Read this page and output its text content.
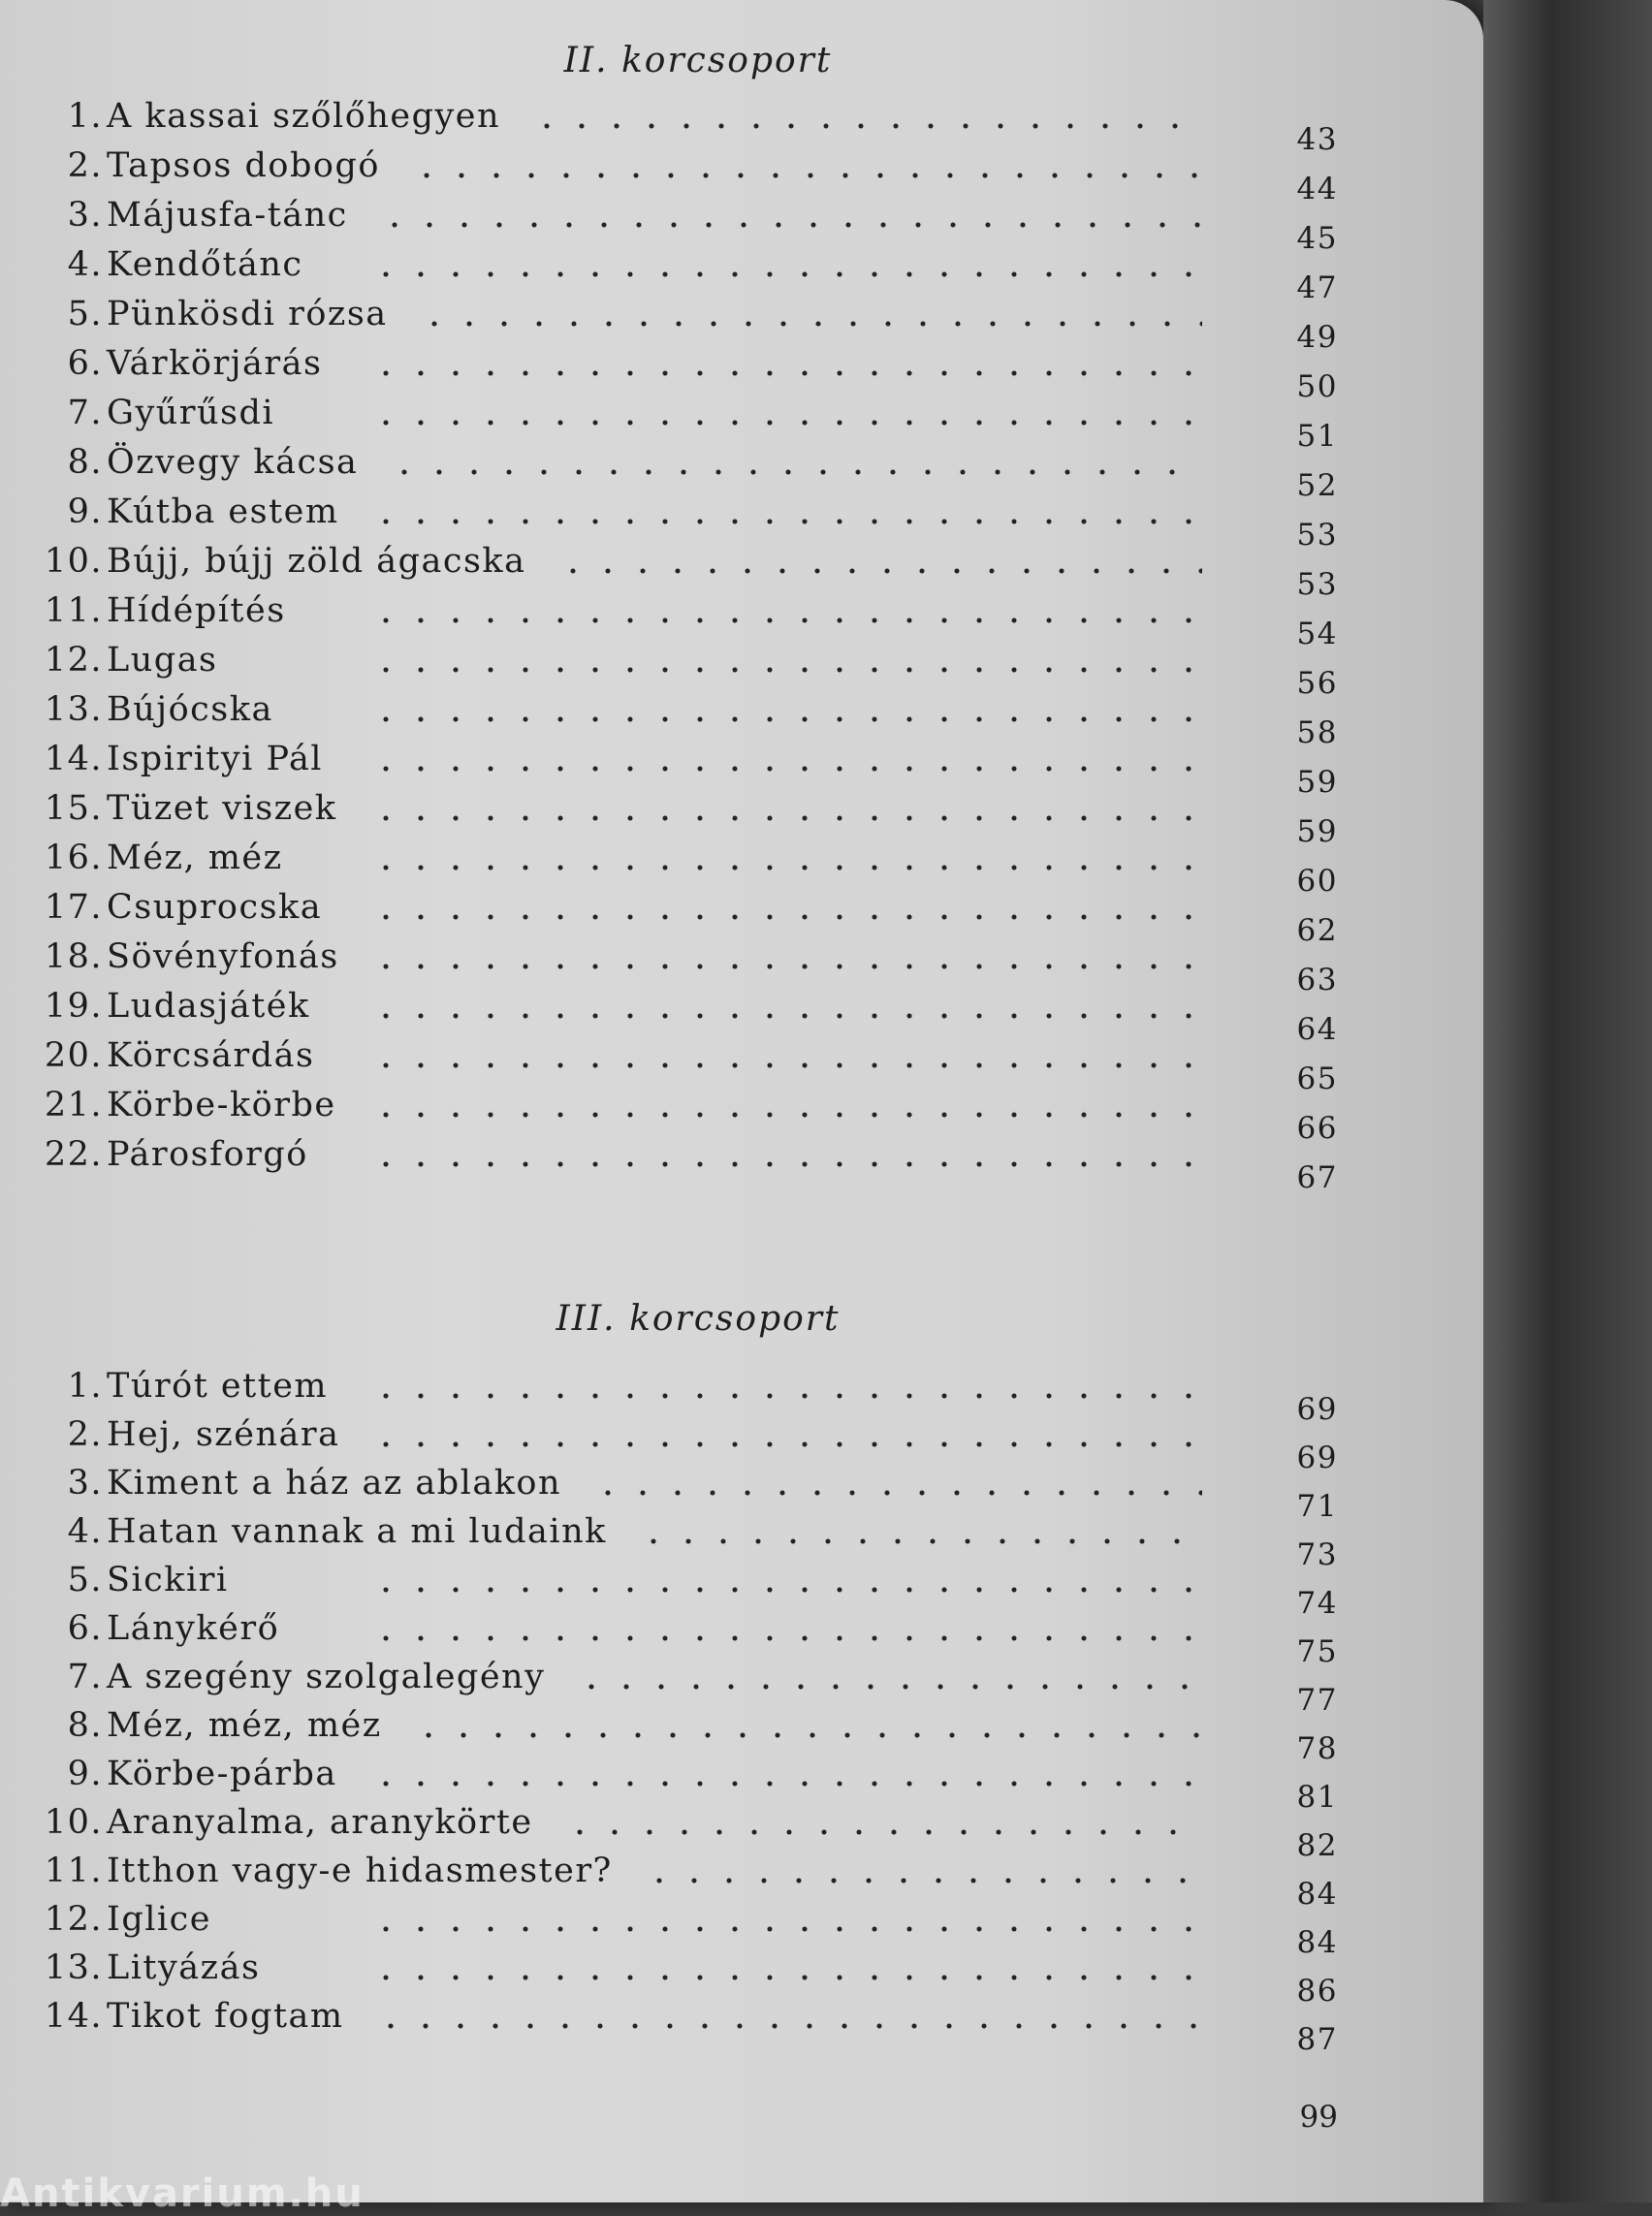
II. korcsoport
1. A kassai szőlőhegyen
43
2. Tapsos dobogó
44
3. Májusfa-tánc
45
4. Kendőtánc
47
5. Pünkösdi rózsa
49
6. Várkörjárás
50
7. Gyűrűsdi
51
8. Özvegy kácsa
52
9. Kútba estem
53
10. Bújj, bújj zöld ágacska
53
11. Hídépítés
54
12. Lugas
56
13. Bújócska
58
14. Ispirityi Pál
59
15. Tüzet viszek
59
16. Méz, méz
60
17. Csuprocska
62
18. Sövényfonás
63
19. Ludasjáték
64
20. Körcsárdás
65
21. Körbe-körbe
66
22. Párosforgó
67
III. korcsoport
1. Túrót ettem
69
2. Hej, szénára
69
3. Kiment a ház az ablakon
71
4. Hatan vannak a mi ludaink
73
5. Sickiri
74
6. Lánykérő
75
7. A szegény szolgalegény
77
8. Méz, méz, méz
78
9. Körbe-párba
81
10. Aranyalma, aranykörte
82
11. Itthon vagy-e hidasmester?
84
12. Iglice
84
13. Lityázás
86
14. Tikot fogtam
87
99
Antikvarium.hu
